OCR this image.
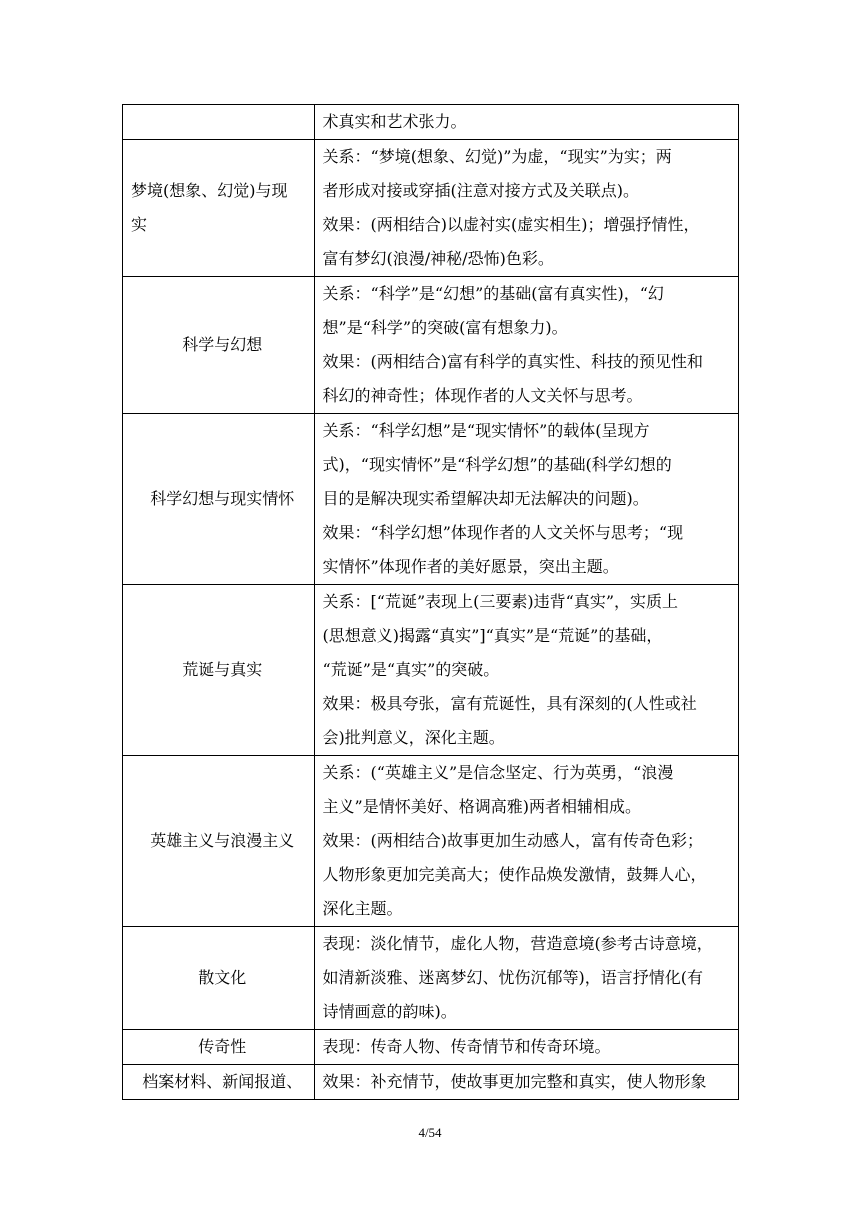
	术真实和艺术张力。

梦境(想象、幻觉)与现
实	关系：“梦境(想象、幻觉)”为虚，“现实”为实；两
者形成对接或穿插(注意对接方式及关联点)。
效果：(两相结合)以虚衬实(虚实相生)；增强抒情性，
富有梦幻(浪漫/神秘/恐怖)色彩。

科学与幻想	关系：“科学”是“幻想”的基础(富有真实性)，“幻
想”是“科学”的突破(富有想象力)。
效果：(两相结合)富有科学的真实性、科技的预见性和
科幻的神奇性；体现作者的人文关怀与思考。

科学幻想与现实情怀	关系：“科学幻想”是“现实情怀”的载体(呈现方
式)，“现实情怀”是“科学幻想”的基础(科学幻想的
目的是解决现实希望解决却无法解决的问题)。
效果：“科学幻想”体现作者的人文关怀与思考；“现
实情怀”体现作者的美好愿景，突出主题。

荒诞与真实	关系：[“荒诞”表现上(三要素)违背“真实”，实质上
(思想意义)揭露“真实”]“真实”是“荒诞”的基础，
“荒诞”是“真实”的突破。
效果：极具夸张，富有荒诞性，具有深刻的(人性或社
会)批判意义，深化主题。

英雄主义与浪漫主义	关系：(“英雄主义”是信念坚定、行为英勇，“浪漫
主义”是情怀美好、格调高雅)两者相辅相成。
效果：(两相结合)故事更加生动感人，富有传奇色彩；
人物形象更加完美高大；使作品焕发激情，鼓舞人心，
深化主题。

散文化	表现：淡化情节，虚化人物，营造意境(参考古诗意境，
如清新淡雅、迷离梦幻、忧伤沉郁等)，语言抒情化(有
诗情画意的韵味)。

传奇性	表现：传奇人物、传奇情节和传奇环境。

档案材料、新闻报道、	效果：补充情节，使故事更加完整和真实，使人物形象
4/54
